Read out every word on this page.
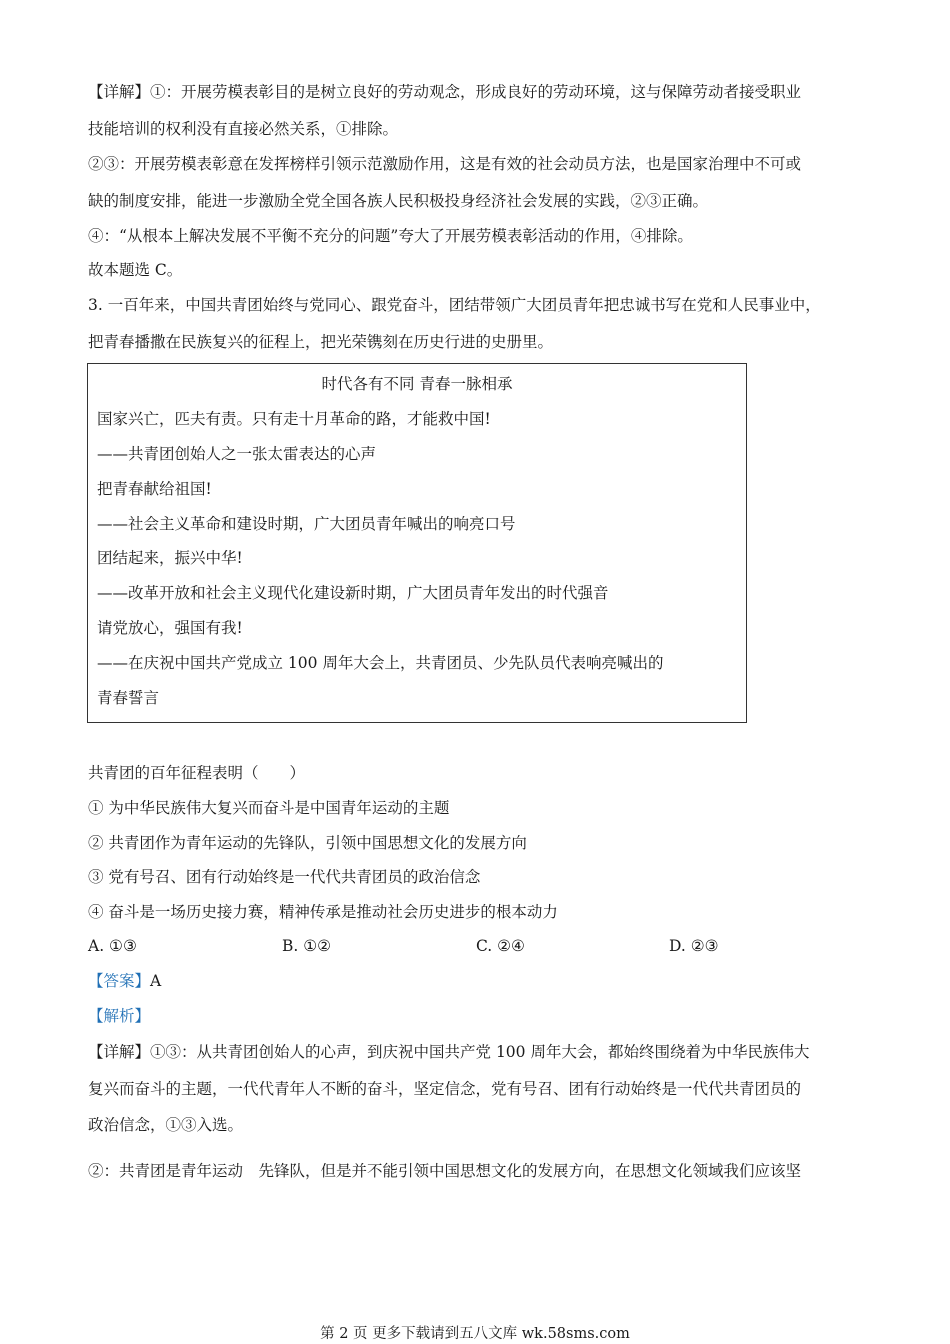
【详解】①：开展劳模表彰目的是树立良好的劳动观念，形成良好的劳动环境，这与保障劳动者接受职业
技能培训的权利没有直接必然关系，①排除。
②③：开展劳模表彰意在发挥榜样引领示范激励作用，这是有效的社会动员方法，也是国家治理中不可或
缺的制度安排，能进一步激励全党全国各族人民积极投身经济社会发展的实践，②③正确。
④：“从根本上解决发展不平衡不充分的问题”夸大了开展劳模表彰活动的作用，④排除。
故本题选 C。
3. 一百年来，中国共青团始终与党同心、跟党奋斗，团结带领广大团员青年把忠诚书写在党和人民事业中，
把青春播撒在民族复兴的征程上，把光荣镌刻在历史行进的史册里。
时代各有不同 青春一脉相承
国家兴亡，匹夫有责。只有走十月革命的路，才能救中国!
——共青团创始人之一张太雷表达的心声
把青春献给祖国!
——社会主义革命和建设时期，广大团员青年喊出的响亮口号
团结起来，振兴中华!
——改革开放和社会主义现代化建设新时期，广大团员青年发出的时代强音
请党放心，强国有我!
——在庆祝中国共产党成立 100 周年大会上，共青团员、少先队员代表响亮喊出的
青春誓言
共青团的百年征程表明（　　）
① 为中华民族伟大复兴而奋斗是中国青年运动的主题
② 共青团作为青年运动的先锋队，引领中国思想文化的发展方向
③ 党有号召、团有行动始终是一代代共青团员的政治信念
④ 奋斗是一场历史接力赛，精神传承是推动社会历史进步的根本动力
A. ①③	B. ①②	C. ②④	D. ②③
【答案】A
【解析】
【详解】①③：从共青团创始人的心声，到庆祝中国共产党 100 周年大会，都始终围绕着为中华民族伟大
复兴而奋斗的主题，一代代青年人不断的奋斗，坚定信念，党有号召、团有行动始终是一代代共青团员的
政治信念，①③入选。
②：共青团是青年运动　先锋队，但是并不能引领中国思想文化的发展方向，在思想文化领域我们应该坚
第 2 页 更多下载请到五八文库 wk.58sms.com
